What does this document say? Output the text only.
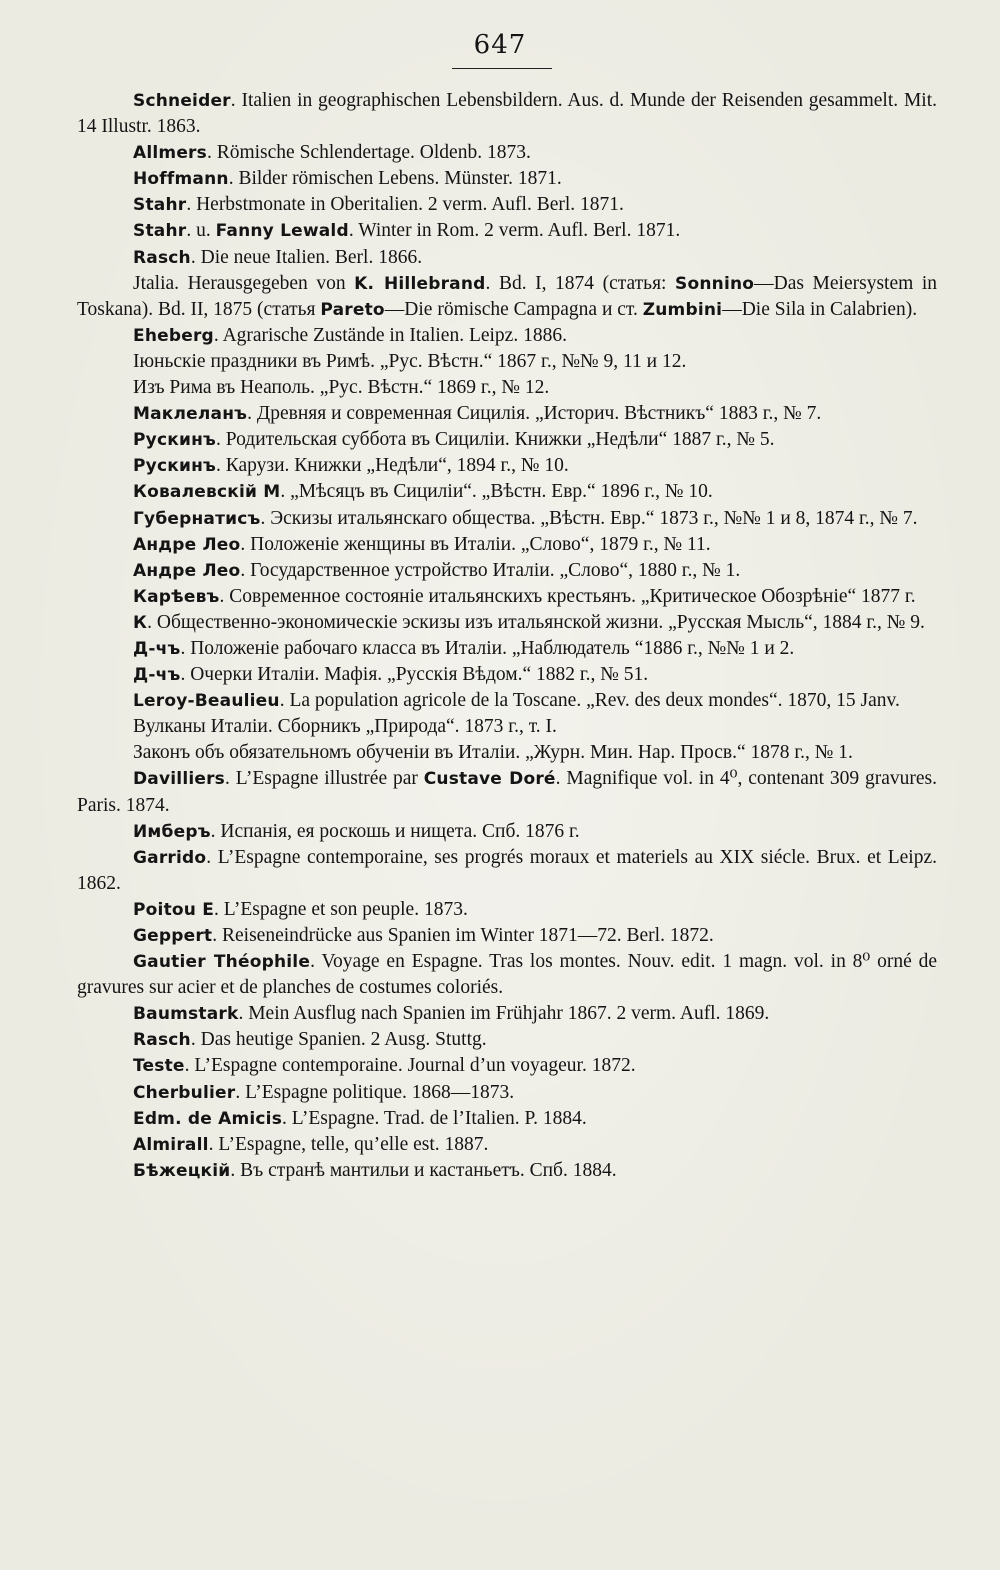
647

Schneider. Italien in geographischen Lebensbildern. Aus. d. Munde der Reisenden gesammelt. Mit. 14 Illustr. 1863.

Allmers. Römische Schlendertage. Oldenb. 1873.

Hoffmann. Bilder römischen Lebens. Münster. 1871.

Stahr. Herbstmonate in Oberitalien. 2 verm. Aufl. Berl. 1871.

Stahr. u. Fanny Lewald. Winter in Rom. 2 verm. Aufl. Berl. 1871.

Rasch. Die neue Italien. Berl. 1866.

Jtalia. Herausgegeben von K. Hillebrand. Bd. I, 1874 (статья: Sonnino—Das Meiersystem in Toskana). Bd. II, 1875 (статья Pareto—Die römische Campagna и ст. Zumbini—Die Sila in Calabrien).

Eheberg. Agrarische Zustände in Italien. Leipz. 1886.

Іюньскіе праздники въ Римѣ. „Рус. Вѣстн.“ 1867 г., №№ 9, 11 и 12.

Изъ Рима въ Неаполь. „Рус. Вѣстн.“ 1869 г., № 12.

Маклеланъ. Древняя и современная Сицилія. „Историч. Вѣстникъ“ 1883 г., № 7.

Рускинъ. Родительская суббота въ Сициліи. Книжки „Недѣли“ 1887 г., № 5.

Рускинъ. Карузи. Книжки „Недѣли“, 1894 г., № 10.

Ковалевскій М. „Мѣсяцъ въ Сициліи“. „Вѣстн. Евр.“ 1896 г., № 10.

Губернатисъ. Эскизы итальянскаго общества. „Вѣстн. Евр.“ 1873 г., №№ 1 и 8, 1874 г., № 7.

Андре Лео. Положеніе женщины въ Италіи. „Слово“, 1879 г., № 11.

Андре Лео. Государственное устройство Италіи. „Слово“, 1880 г., № 1.

Карѣевъ. Современное состояніе итальянскихъ крестьянъ. „Критическое Обозрѣніе“ 1877 г.

К. Общественно-экономическіе эскизы изъ итальянской жизни. „Русская Мысль“, 1884 г., № 9.

Д-чъ. Положеніе рабочаго класса въ Италіи. „Наблюдатель “1886 г., №№ 1 и 2.

Д-чъ. Очерки Италіи. Мафія. „Русскія Вѣдом.“ 1882 г., № 51.

Leroy-Beaulieu. La population agricole de la Toscane. „Rev. des deux mondes“. 1870, 15 Janv.

Вулканы Италіи. Сборникъ „Природа“. 1873 г., т. I.

Законъ объ обязательномъ обученіи въ Италіи. „Журн. Мин. Нар. Просв.“ 1878 г., № 1.

Davilliers. L’Espagne illustrée par Custave Doré. Magnifique vol. in 4⁰, contenant 309 gravures. Paris. 1874.

Имберъ. Испанія, ея роскошь и нищета. Спб. 1876 г.

Garrido. L’Espagne contemporaine, ses progrés moraux et materiels au XIX siécle. Brux. et Leipz. 1862.

Poitou E. L’Espagne et son peuple. 1873.

Geppert. Reiseneindrücke aus Spanien im Winter 1871—72. Berl. 1872.

Gautier Théophile. Voyage en Espagne. Tras los montes. Nouv. edit. 1 magn. vol. in 8⁰ orné de gravures sur acier et de planches de costumes coloriés.

Baumstark. Mein Ausflug nach Spanien im Frühjahr 1867. 2 verm. Aufl. 1869.

Rasch. Das heutige Spanien. 2 Ausg. Stuttg.

Teste. L’Espagne contemporaine. Journal d’un voyageur. 1872.

Cherbulier. L’Espagne politique. 1868—1873.

Edm. de Amicis. L’Espagne. Trad. de l’Italien. P. 1884.

Almirall. L’Espagne, telle, qu’elle est. 1887.

Бѣжецкій. Въ странѣ мантильи и кастаньетъ. Спб. 1884.
